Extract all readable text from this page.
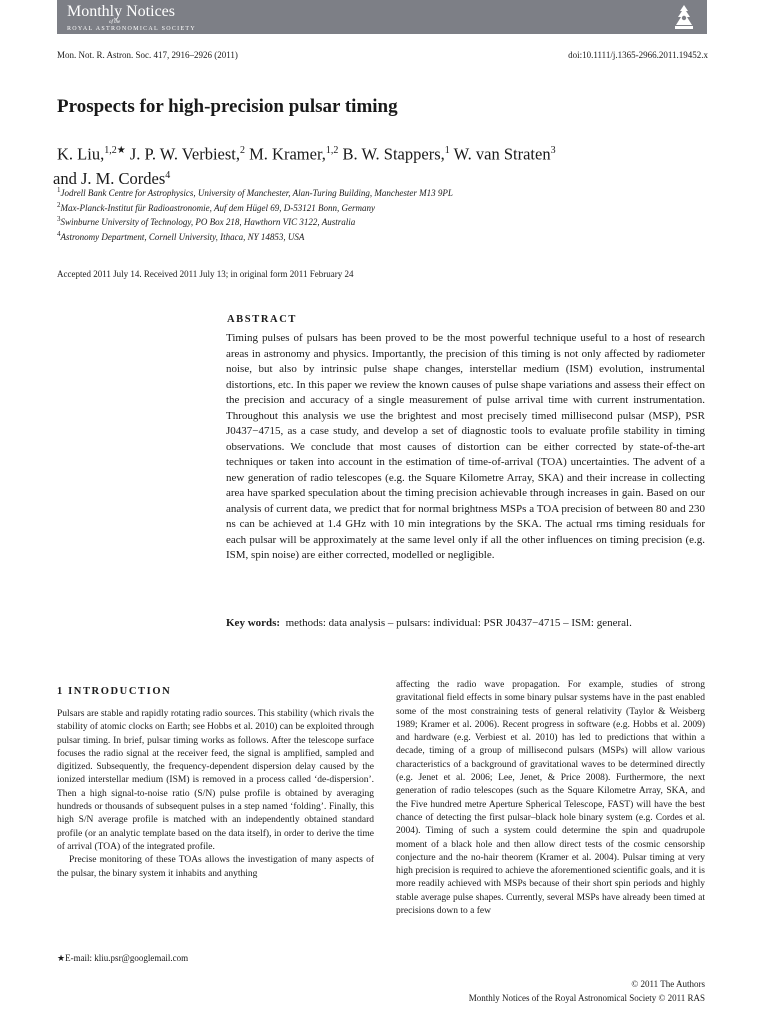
Monthly Notices
of the
ROYAL ASTRONOMICAL SOCIETY
Mon. Not. R. Astron. Soc. 417, 2916–2926 (2011)	doi:10.1111/j.1365-2966.2011.19452.x
Prospects for high-precision pulsar timing
K. Liu,$^{1,2★}$ J. P. W. Verbiest,$^2$ M. Kramer,$^{1,2}$ B. W. Stappers,$^1$ W. van Straten$^3$
and J. M. Cordes$^4$
$^1$Jodrell Bank Centre for Astrophysics, University of Manchester, Alan-Turing Building, Manchester M13 9PL
$^2$Max-Planck-Institut für Radioastronomie, Auf dem Hügel 69, D-53121 Bonn, Germany
$^3$Swinburne University of Technology, PO Box 218, Hawthorn VIC 3122, Australia
$^4$Astronomy Department, Cornell University, Ithaca, NY 14853, USA
Accepted 2011 July 14. Received 2011 July 13; in original form 2011 February 24
ABSTRACT
Timing pulses of pulsars has been proved to be the most powerful technique useful to a host of research areas in astronomy and physics. Importantly, the precision of this timing is not only affected by radiometer noise, but also by intrinsic pulse shape changes, interstellar medium (ISM) evolution, instrumental distortions, etc. In this paper we review the known causes of pulse shape variations and assess their effect on the precision and accuracy of a single measurement of pulse arrival time with current instrumentation. Throughout this analysis we use the brightest and most precisely timed millisecond pulsar (MSP), PSR J0437−4715, as a case study, and develop a set of diagnostic tools to evaluate profile stability in timing observations. We conclude that most causes of distortion can be either corrected by state-of-the-art techniques or taken into account in the estimation of time-of-arrival (TOA) uncertainties. The advent of a new generation of radio telescopes (e.g. the Square Kilometre Array, SKA) and their increase in collecting area have sparked speculation about the timing precision achievable through increases in gain. Based on our analysis of current data, we predict that for normal brightness MSPs a TOA precision of between 80 and 230 ns can be achieved at 1.4 GHz with 10 min integrations by the SKA. The actual rms timing residuals for each pulsar will be approximately at the same level only if all the other influences on timing precision (e.g. ISM, spin noise) are either corrected, modelled or negligible.
Key words: methods: data analysis – pulsars: individual: PSR J0437−4715 – ISM: general.
1 INTRODUCTION

Pulsars are stable and rapidly rotating radio sources. This stability (which rivals the stability of atomic clocks on Earth; see Hobbs et al. 2010) can be exploited through pulsar timing. In brief, pulsar timing works as follows. After the telescope surface focuses the radio signal at the receiver feed, the signal is amplified, sampled and digitized. Subsequently, the frequency-dependent dispersion delay caused by the ionized interstellar medium (ISM) is removed in a process called ‘de-dispersion’. Then a high signal-to-noise ratio (S/N) pulse profile is obtained by averaging hundreds or thousands of subsequent pulses in a step named ‘folding’. Finally, this high S/N average profile is matched with an independently obtained standard profile (or an analytic template based on the data itself), in order to derive the time of arrival (TOA) of the integrated profile.

Precise monitoring of these TOAs allows the investigation of many aspects of the pulsar, the binary system it inhabits and anything

affecting the radio wave propagation. For example, studies of strong gravitational field effects in some binary pulsar systems have in the past enabled some of the most constraining tests of general relativity (Taylor & Weisberg 1989; Kramer et al. 2006). Recent progress in software (e.g. Hobbs et al. 2009) and hardware (e.g. Verbiest et al. 2010) has led to predictions that within a decade, timing of a group of millisecond pulsars (MSPs) will allow various characteristics of a background of gravitational waves to be determined directly (e.g. Jenet et al. 2006; Lee, Jenet, & Price 2008). Furthermore, the next generation of radio telescopes (such as the Square Kilometre Array, SKA, and the Five hundred metre Aperture Spherical Telescope, FAST) will have the best chance of detecting the first pulsar–black hole binary system (e.g. Cordes et al. 2004). Timing of such a system could determine the spin and quadrupole moment of a black hole and then allow direct tests of the cosmic censorship conjecture and the no-hair theorem (Kramer et al. 2004). Pulsar timing at very high precision is required to achieve the aforementioned scientific goals, and it is more readily achieved with MSPs because of their short spin periods and highly stable average pulse shapes. Currently, several MSPs have already been timed at precisions down to a few

★E-mail: kliu.psr@googlemail.com
© 2011 The Authors
Monthly Notices of the Royal Astronomical Society © 2011 RAS
